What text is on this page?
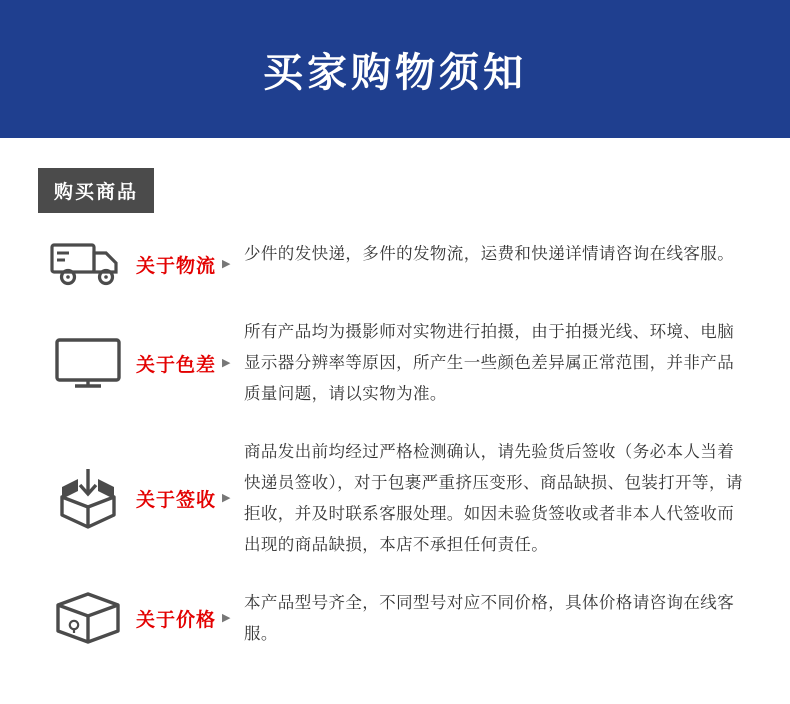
买家购物须知
购买商品
关于物流 ▶
少件的发快递，多件的发物流，运费和快递详情请咨询在线客服。
关于色差 ▶
所有产品均为摄影师对实物进行拍摄，由于拍摄光线、环境、电脑显示器分辨率等原因，所产生一些颜色差异属正常范围，并非产品质量问题，请以实物为准。
关于签收 ▶
商品发出前均经过严格检测确认，请先验货后签收（务必本人当着快递员签收），对于包裹严重挤压变形、商品缺损、包装打开等，请拒收，并及时联系客服处理。如因未验货签收或者非本人代签收而出现的商品缺损，本店不承担任何责任。
关于价格 ▶
本产品型号齐全，不同型号对应不同价格，具体价格请咨询在线客服。
